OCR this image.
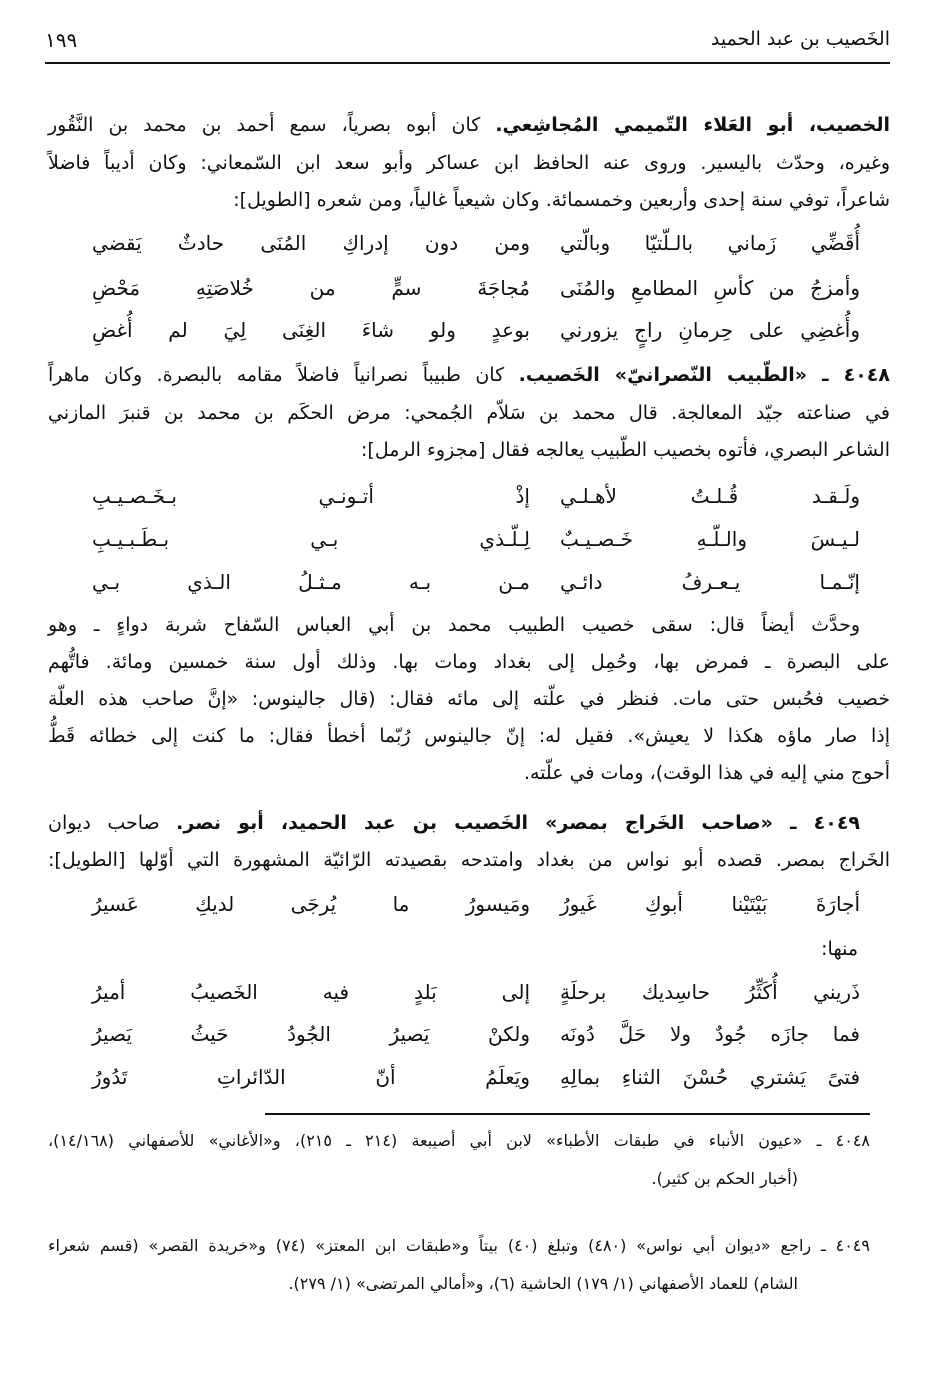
١٩٩	الخَصيب بن عبد الحميد
الخصيب، أبو العَلاء التّميمي المُجاشِعي. كان أبوه بصرياً، سمع أحمد بن محمد بن النَّقُور
وغيره، وحدّث باليسير. وروى عنه الحافظ ابن عساكر وأبو سعد ابن السّمعاني: وكان أديباً فاضلاً
شاعراً، توفي سنة إحدى وأربعين وخمسمائة. وكان شيعياً غالياً، ومن شعره [الطويل]:
أُقَضِّي زَماني بالـلّتيّا وبالّتي
ومن دون إدراكِ المُنَى حادثٌ يَقضي
وأمزجُ من كأسِ المطامعِ والمُنَى
مُجاجَةَ سمٍّ من خُلاصَتِهِ مَحْضِ
وأُغضِي على حِرمانِ راجٍ يزورني
بوعدٍ ولو شاءَ الغِنَى لِيَ لم أُغضِ
٤٠٤٨ ـ «الطّبيب النّصرانيّ» الخَصيب. كان طبيباً نصرانياً فاضلاً مقامه بالبصرة. وكان ماهراً
في صناعته جيّد المعالجة. قال محمد بن سَلاّم الجُمحي: مرض الحكَم بن محمد بن قنبرَ المازني
الشاعر البصري، فأتوه بخصيب الطّبيب يعالجه فقال [مجزوء الرمل]:
ولَـقـد قُـلـتُ لأهـلـي
إذْ أتـونـي بـخَـصـيـبِ
لـيـسَ والـلّـهِ خَـصـيـبٌ
لِـلّـذي بـي بـطَـبـيـبِ
إنّـمـا يـعـرفُ دائـي
مـن بـه مـثـلُ الـذي بـي
وحدَّث أيضاً قال: سقى خصيب الطبيب محمد بن أبي العباس السّفاح شربة دواءٍ ـ وهو
على البصرة ـ فمرض بها، وحُمِل إلى بغداد ومات بها. وذلك أول سنة خمسين ومائة. فاتُّهم
خصيب فحُبس حتى مات. فنظر في علّته إلى مائه فقال: (قال جالينوس: «إنَّ صاحب هذه العلّة
إذا صار ماؤه هكذا لا يعيش». فقيل له: إنّ جالينوس رُبّما أخطأ فقال: ما كنت إلى خطائه قَطُّ
أحوج مني إليه في هذا الوقت)، ومات في علّته.
٤٠٤٩ ـ «صاحب الخَراج بمصر» الخَصيب بن عبد الحميد، أبو نصر. صاحب ديوان
الخَراج بمصر. قصده أبو نواس من بغداد وامتدحه بقصيدته الرّائيّة المشهورة التي أوّلها [الطويل]:
أجارَةَ بَيْتَيْنا أبوكِ غَيورُ
ومَيسورُ ما يُرجَى لديكِ عَسيرُ
منها:
ذَريني أُكَثِّرُ حاسِديك برحلَةٍ
إلى بَلدٍ فيه الخَصيبُ أميرُ
فما جازَه جُودٌ ولا حَلَّ دُونَه
ولكنْ يَصيرُ الجُودُ حَيثُ يَصيرُ
فتىً يَشتري حُسْنَ الثناءِ بمالِهِ
ويَعلَمُ أنّ الدّائراتِ تَدُورُ
٤٠٤٨ ـ «عيون الأنباء في طبقات الأطباء» لابن أبي أصيبعة (٢١٤ ـ ٢١٥)، و«الأغاني» للأصفهاني (١٤/١٦٨)،
(أخبار الحكم بن كثير).
٤٠٤٩ ـ راجع «ديوان أبي نواس» (٤٨٠) وتبلغ (٤٠) بيتاً و«طبقات ابن المعتز» (٧٤) و«خريدة القصر» (قسم شعراء
الشام) للعماد الأصفهاني (١/ ١٧٩) الحاشية (٦)، و«أمالي المرتضى» (١/ ٢٧٩).
